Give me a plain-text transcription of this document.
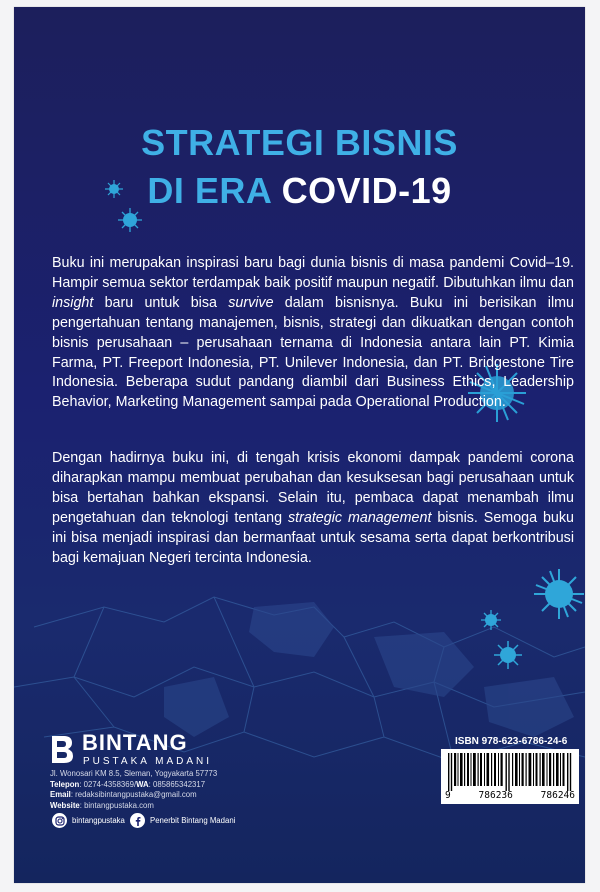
STRATEGI BISNIS
DI ERA COVID-19
Buku ini merupakan inspirasi baru bagi dunia bisnis di masa pandemi Covid–19. Hampir semua sektor terdampak baik positif maupun negatif. Dibutuhkan ilmu dan insight baru untuk bisa survive dalam bisnisnya. Buku ini berisikan ilmu pengertahuan tentang manajemen, bisnis, strategi dan dikuatkan dengan contoh bisnis perusahaan – perusahaan ternama di Indonesia antara lain PT. Kimia Farma, PT. Freeport Indonesia, PT. Unilever Indonesia, dan PT. Bridgestone Tire Indonesia. Beberapa sudut pandang diambil dari Business Ethics, Leadership Behavior, Marketing Management sampai pada Operational Production.
Dengan hadirnya buku ini, di tengah krisis ekonomi dampak pandemi corona diharapkan mampu membuat perubahan dan kesuksesan bagi perusahaan untuk bisa bertahan bahkan ekspansi. Selain itu, pembaca dapat menambah ilmu pengetahuan dan teknologi tentang strategic management bisnis. Semoga buku ini bisa menjadi inspirasi dan bermanfaat untuk sesama serta dapat berkontribusi bagi kemajuan Negeri tercinta Indonesia.
BINTANG
PUSTAKA MADANI
Jl. Wonosari KM 8.5, Sleman, Yogyakarta 57773
Telepon: 0274-4358369/WA: 085865342317
Email: redaksibintangpustaka@gmail.com
Website: bintangpustaka.com
bintangpustaka	Penerbit Bintang Madani
ISBN 978-623-6786-24-6
9	786236	786246
